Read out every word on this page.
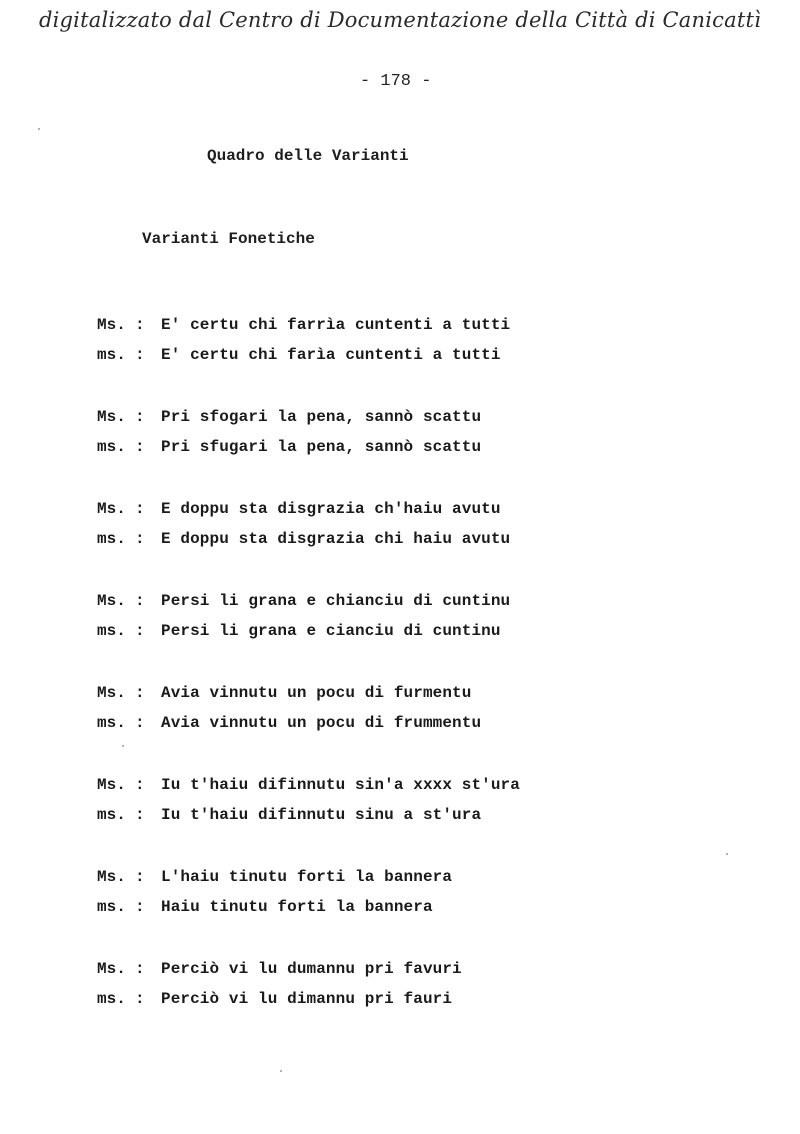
digitalizzato dal Centro di Documentazione della Città di Canicattì
- 178 -
Quadro delle Varianti
Varianti Fonetiche
Ms. : E' certu chi farrìa cuntenti a tutti
ms. : E' certu chi farìa cuntenti a tutti
Ms. : Pri sfogari la pena, sannò scattu
ms. : Pri sfugari la pena, sannò scattu
Ms. : E doppu sta disgrazia ch'haiu avutu
ms. : E doppu sta disgrazia chi haiu avutu
Ms. : Persi li grana e chianciu di cuntinu
ms. : Persi li grana e cianciu di cuntinu
Ms. : Avia vinnutu un pocu di furmentu
ms. : Avia vinnutu un pocu di frummentu
Ms. : Iu t'haiu difinnutu sin'a xxxx st'ura
ms. : Iu t'haiu difinnutu sinu a st'ura
Ms. : L'haiu tinutu forti la bannera
ms. : Haiu tinutu forti la bannera
Ms. : Perciò vi lu dumannu pri favuri
ms. : Perciò vi lu dimannu pri fauri
